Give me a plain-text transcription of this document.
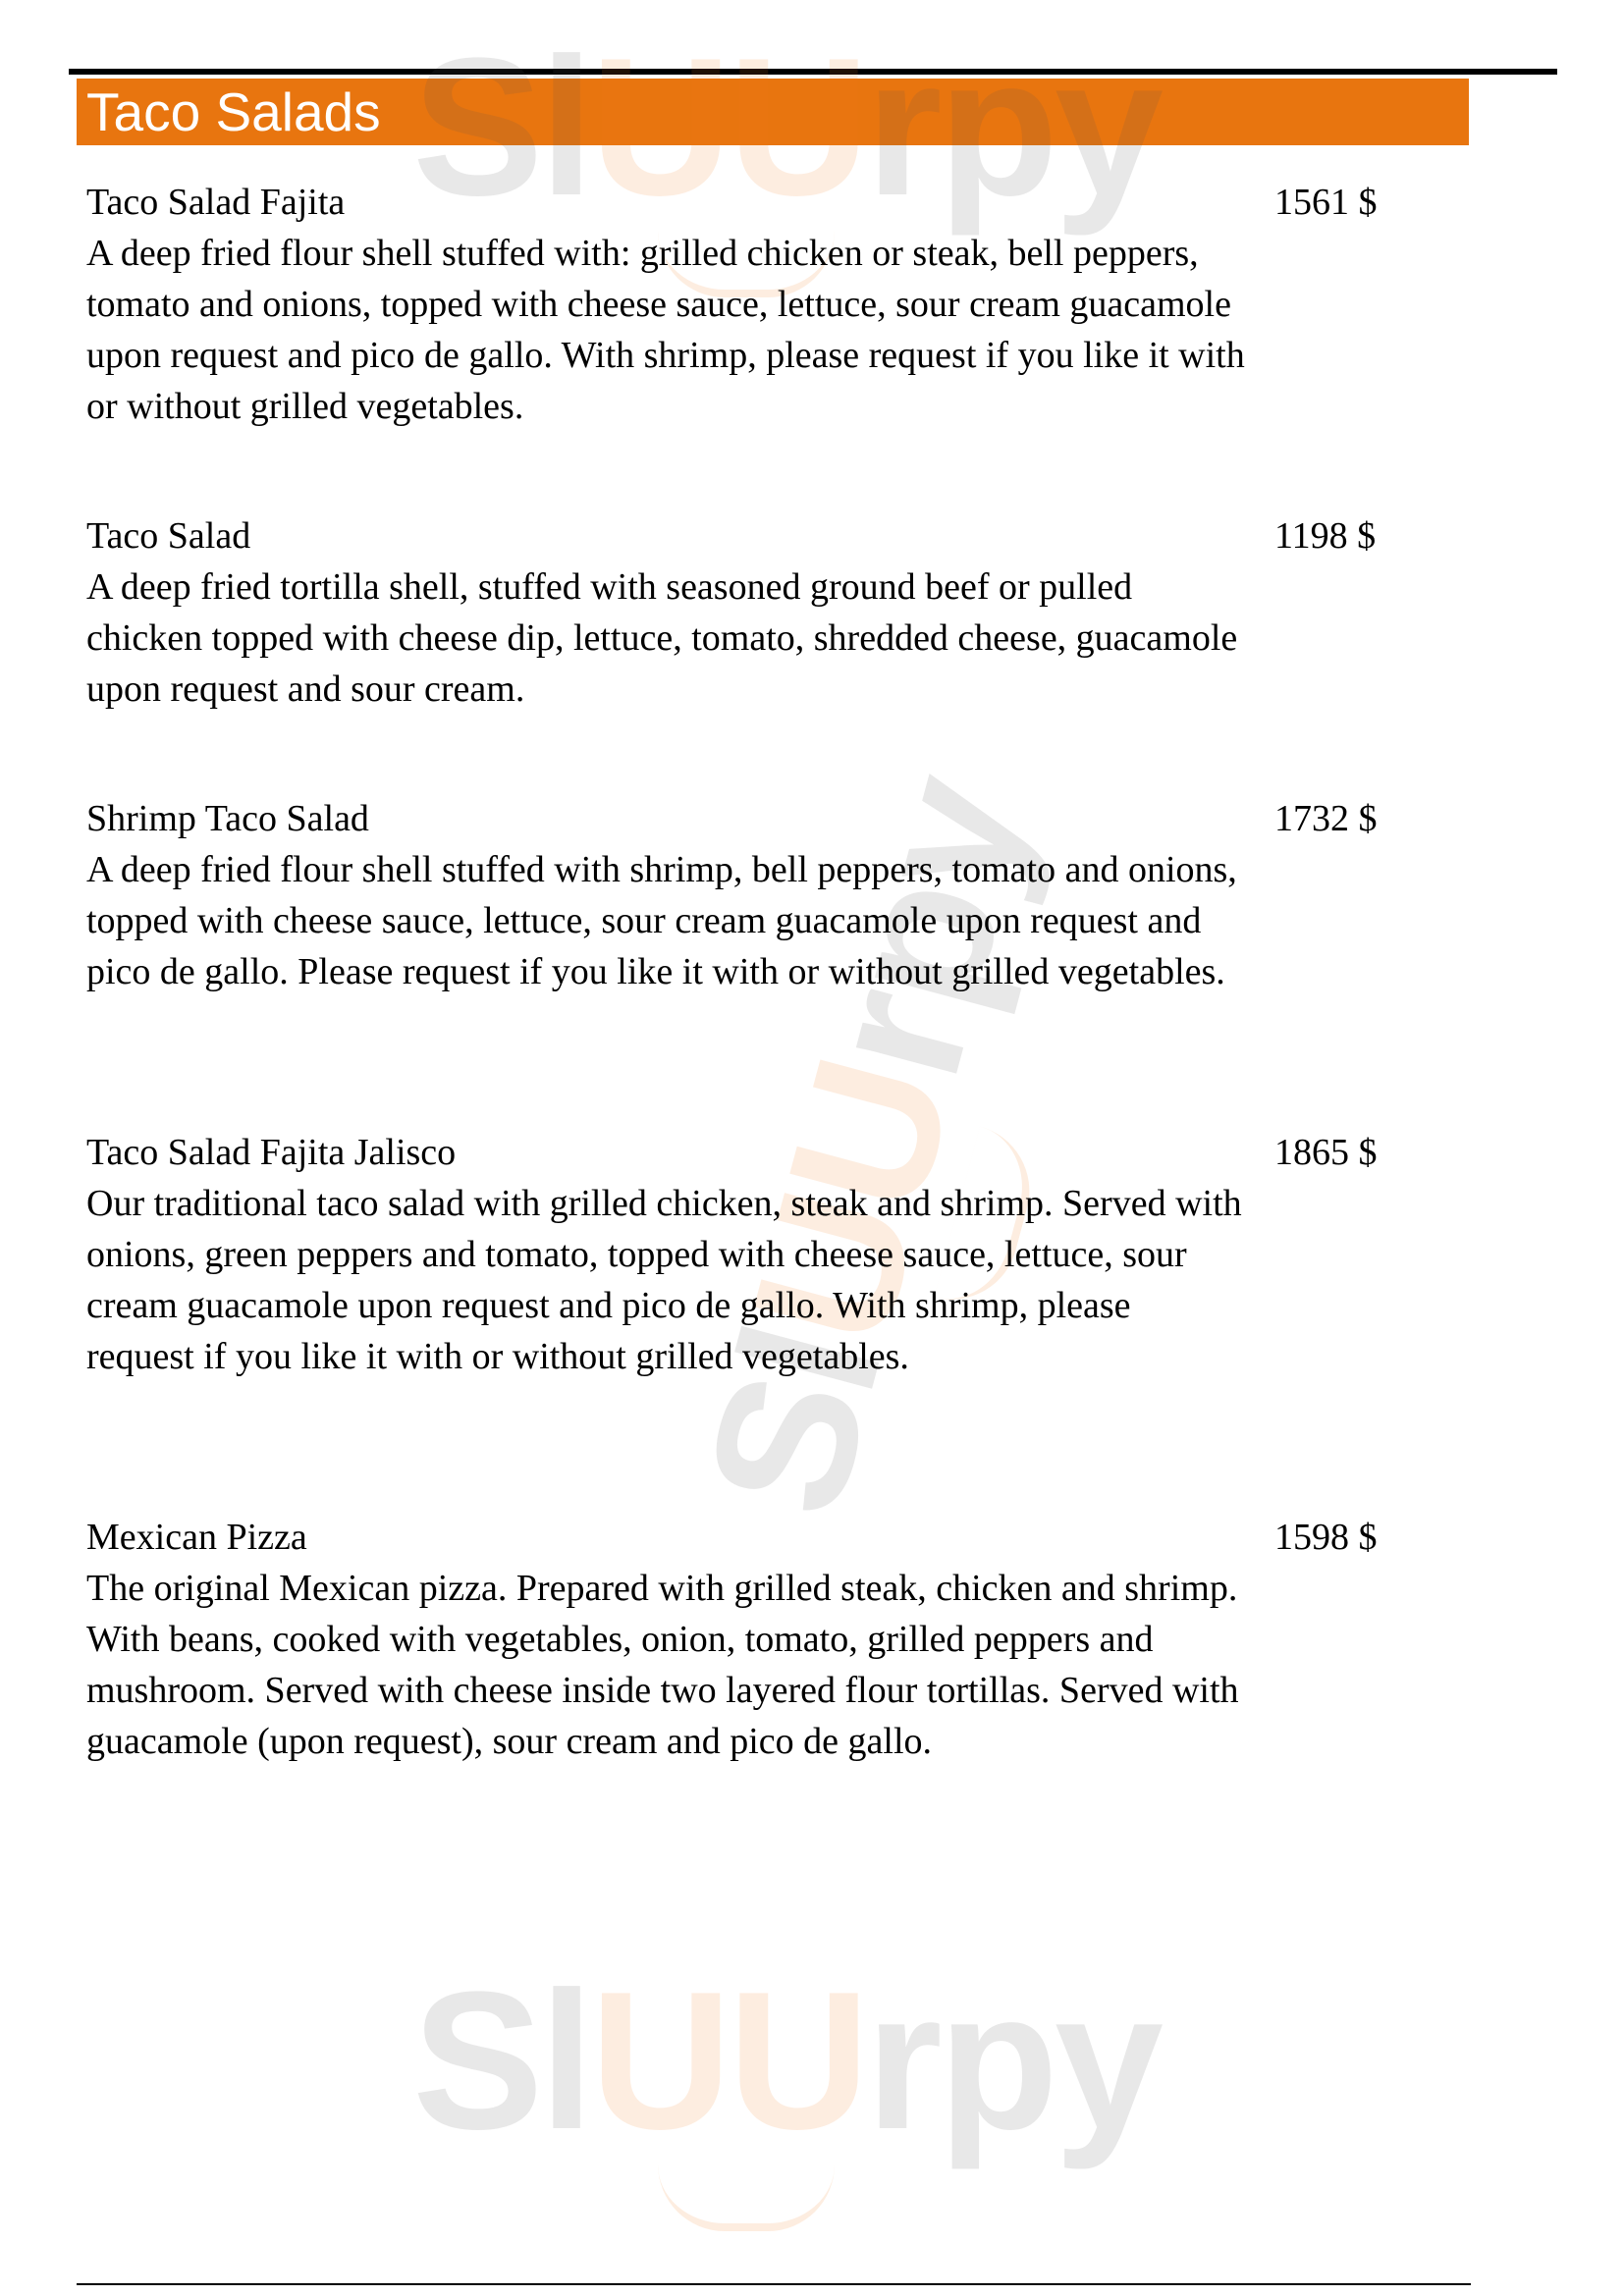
Taco Salads
SlUUrpy
SlUUrpy
Taco Salad Fajita
A deep fried flour shell stuffed with: grilled chicken or steak, bell peppers, tomato and onions, topped with cheese sauce, lettuce, sour cream guacamole upon request and pico de gallo. With shrimp, please request if you like it with or without grilled vegetables.
1561 $
Taco Salad
A deep fried tortilla shell, stuffed with seasoned ground beef or pulled chicken topped with cheese dip, lettuce, tomato, shredded cheese, guacamole upon request and sour cream.
1198 $
Shrimp Taco Salad
A deep fried flour shell stuffed with shrimp, bell peppers, tomato and onions, topped with cheese sauce, lettuce, sour cream guacamole upon request and pico de gallo. Please request if you like it with or without grilled vegetables.
1732 $
Taco Salad Fajita Jalisco
Our traditional taco salad with grilled chicken, steak and shrimp. Served with onions, green peppers and tomato, topped with cheese sauce, lettuce, sour cream guacamole upon request and pico de gallo. With shrimp, please request if you like it with or without grilled vegetables.
1865 $
Mexican Pizza
The original Mexican pizza. Prepared with grilled steak, chicken and shrimp. With beans, cooked with vegetables, onion, tomato, grilled peppers and mushroom. Served with cheese inside two layered flour tortillas. Served with guacamole (upon request), sour cream and pico de gallo.
1598 $
